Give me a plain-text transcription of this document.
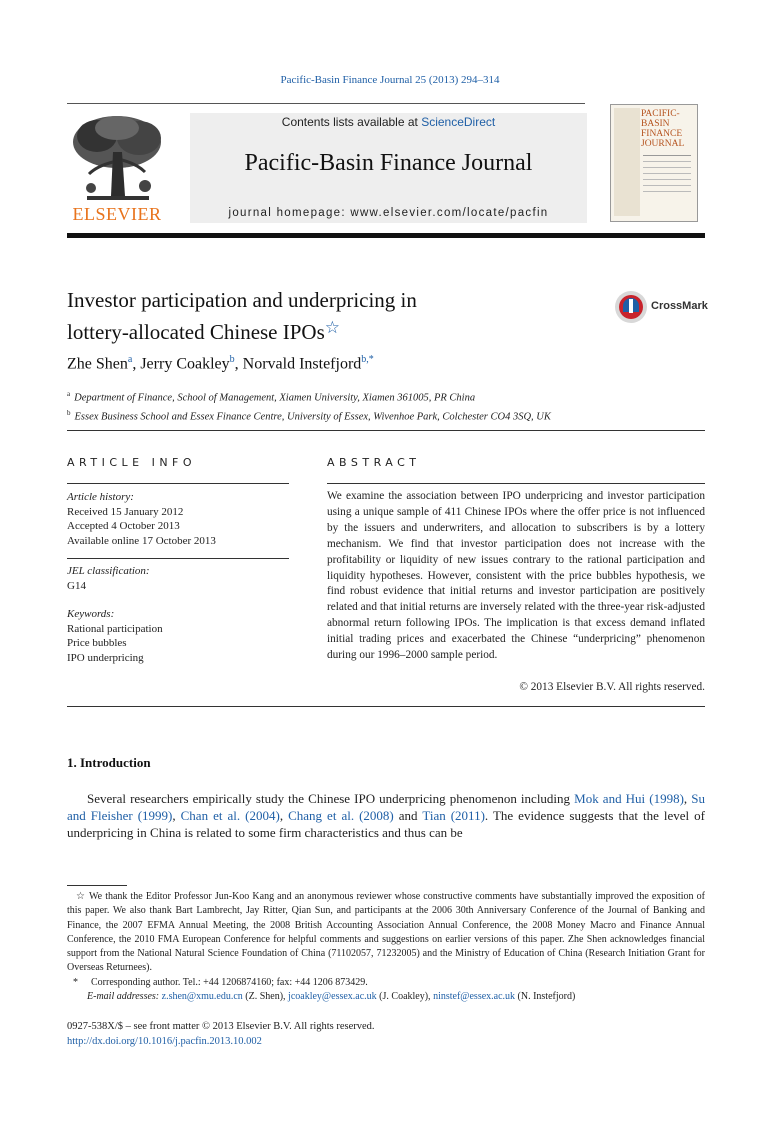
Pacific-Basin Finance Journal 25 (2013) 294–314
ELSEVIER
Contents lists available at ScienceDirect
Pacific-Basin Finance Journal
journal homepage: www.elsevier.com/locate/pacfin
PACIFIC-BASIN FINANCE JOURNAL
Investor participation and underpricing in
lottery-allocated Chinese IPOs☆
CrossMark
Zhe Shen$^a$, Jerry Coakley$^b$, Norvald Instefjord$^{b,*}$
$^a$ Department of Finance, School of Management, Xiamen University, Xiamen 361005, PR China
$^b$ Essex Business School and Essex Finance Centre, University of Essex, Wivenhoe Park, Colchester CO4 3SQ, UK
ARTICLE INFO
Article history:
Received 15 January 2012
Accepted 4 October 2013
Available online 17 October 2013
JEL classification:
G14
Keywords:
Rational participation
Price bubbles
IPO underpricing
ABSTRACT
We examine the association between IPO underpricing and investor participation using a unique sample of 411 Chinese IPOs where the offer price is not influenced by the issuers and underwriters, and allocation to subscribers is by a lottery mechanism. We find that investor participation does not increase with the profitability or liquidity of new issues contrary to the rational participation and liquidity hypotheses. However, consistent with the price bubbles hypothesis, we find robust evidence that initial returns and investor participation are positively related and that initial returns are inversely related with the three-year risk-adjusted abnormal return following IPOs. The implication is that excess demand inflated initial trading prices and exacerbated the Chinese “underpricing” phenomenon during our 1996–2000 sample period.
© 2013 Elsevier B.V. All rights reserved.
1. Introduction
Several researchers empirically study the Chinese IPO underpricing phenomenon including Mok and Hui (1998), Su and Fleisher (1999), Chan et al. (2004), Chang et al. (2008) and Tian (2011). The evidence suggests that the level of underpricing in China is related to some firm characteristics and thus can be
☆ We thank the Editor Professor Jun-Koo Kang and an anonymous reviewer whose constructive comments have substantially improved the exposition of this paper. We also thank Bart Lambrecht, Jay Ritter, Qian Sun, and participants at the 2006 30th Anniversary Conference of the Journal of Banking and Finance, the 2007 EFMA Annual Meeting, the 2008 British Accounting Association Annual Conference, the 2008 Money Macro and Finance Annual Conference, the 2010 FMA European Conference for helpful comments and suggestions on earlier versions of this paper. Zhe Shen acknowledges financial support from the National Natural Science Foundation of China (71102057, 71232005) and the Ministry of Education of China (Research Initiation Grant for Overseas Returnees).
* Corresponding author. Tel.: +44 1206874160; fax: +44 1206 873429.
E-mail addresses: z.shen@xmu.edu.cn (Z. Shen), jcoakley@essex.ac.uk (J. Coakley), ninstef@essex.ac.uk (N. Instefjord)
0927-538X/$ – see front matter © 2013 Elsevier B.V. All rights reserved.
http://dx.doi.org/10.1016/j.pacfin.2013.10.002
